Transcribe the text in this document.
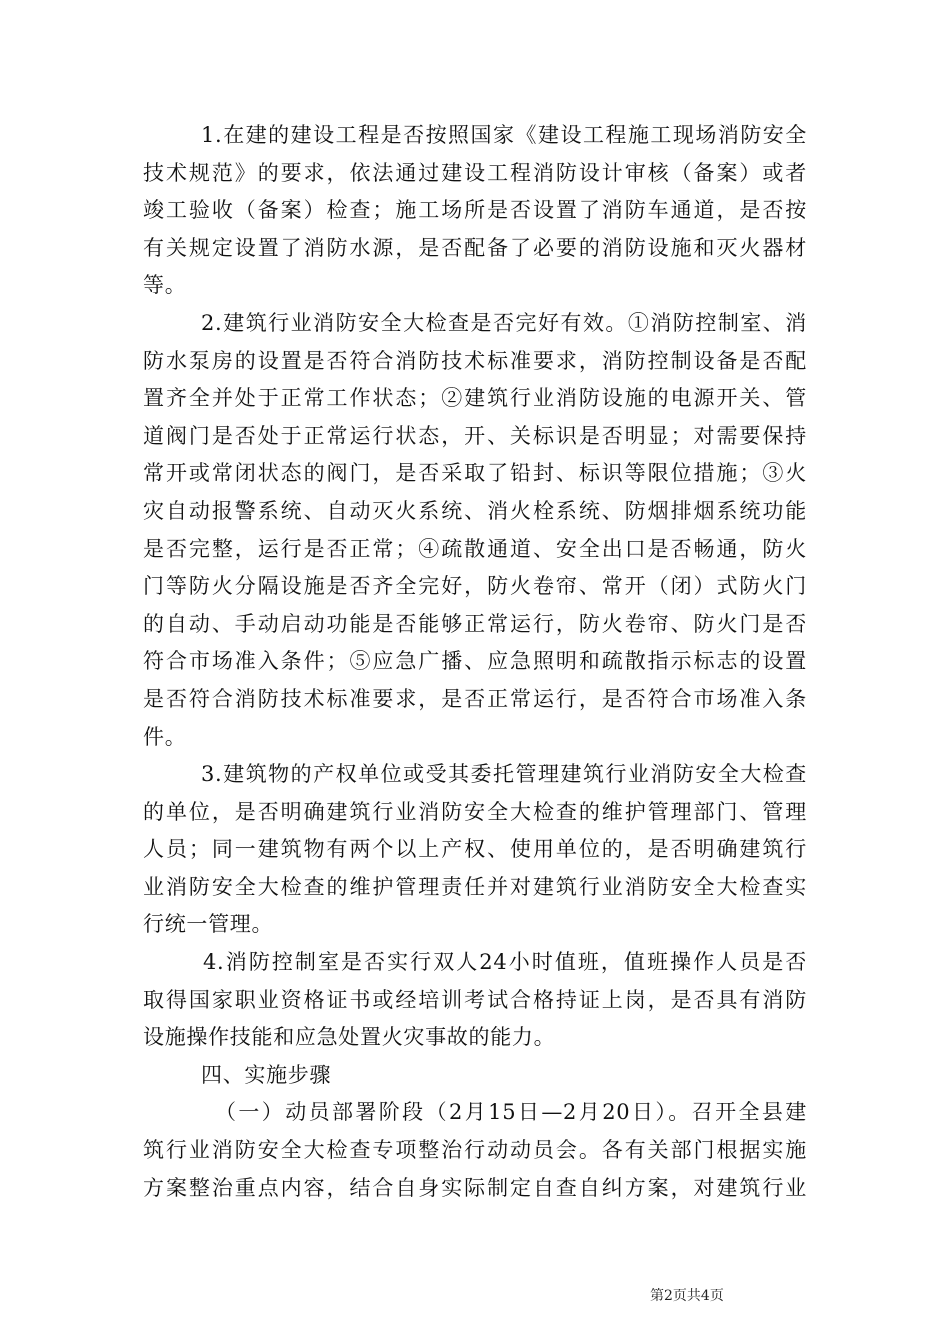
1.在建的建设工程是否按照国家《建设工程施工现场消防安全
技术规范》的要求，依法通过建设工程消防设计审核（备案）或者
竣工验收（备案）检查；施工场所是否设置了消防车通道，是否按
有关规定设置了消防水源，是否配备了必要的消防设施和灭火器材
等。
2.建筑行业消防安全大检查是否完好有效。①消防控制室、消
防水泵房的设置是否符合消防技术标准要求，消防控制设备是否配
置齐全并处于正常工作状态；②建筑行业消防设施的电源开关、管
道阀门是否处于正常运行状态，开、关标识是否明显；对需要保持
常开或常闭状态的阀门，是否采取了铅封、标识等限位措施；③火
灾自动报警系统、自动灭火系统、消火栓系统、防烟排烟系统功能
是否完整，运行是否正常；④疏散通道、安全出口是否畅通，防火
门等防火分隔设施是否齐全完好，防火卷帘、常开（闭）式防火门
的自动、手动启动功能是否能够正常运行，防火卷帘、防火门是否
符合市场准入条件；⑤应急广播、应急照明和疏散指示标志的设置
是否符合消防技术标准要求，是否正常运行，是否符合市场准入条
件。
3.建筑物的产权单位或受其委托管理建筑行业消防安全大检查
的单位，是否明确建筑行业消防安全大检查的维护管理部门、管理
人员；同一建筑物有两个以上产权、使用单位的，是否明确建筑行
业消防安全大检查的维护管理责任并对建筑行业消防安全大检查实
行统一管理。
4.消防控制室是否实行双人24小时值班，值班操作人员是否
取得国家职业资格证书或经培训考试合格持证上岗，是否具有消防
设施操作技能和应急处置火灾事故的能力。
四、实施步骤
（一）动员部署阶段（2月15日—2月20日）。召开全县建
筑行业消防安全大检查专项整治行动动员会。各有关部门根据实施
方案整治重点内容，结合自身实际制定自查自纠方案，对建筑行业
第2页共4页
